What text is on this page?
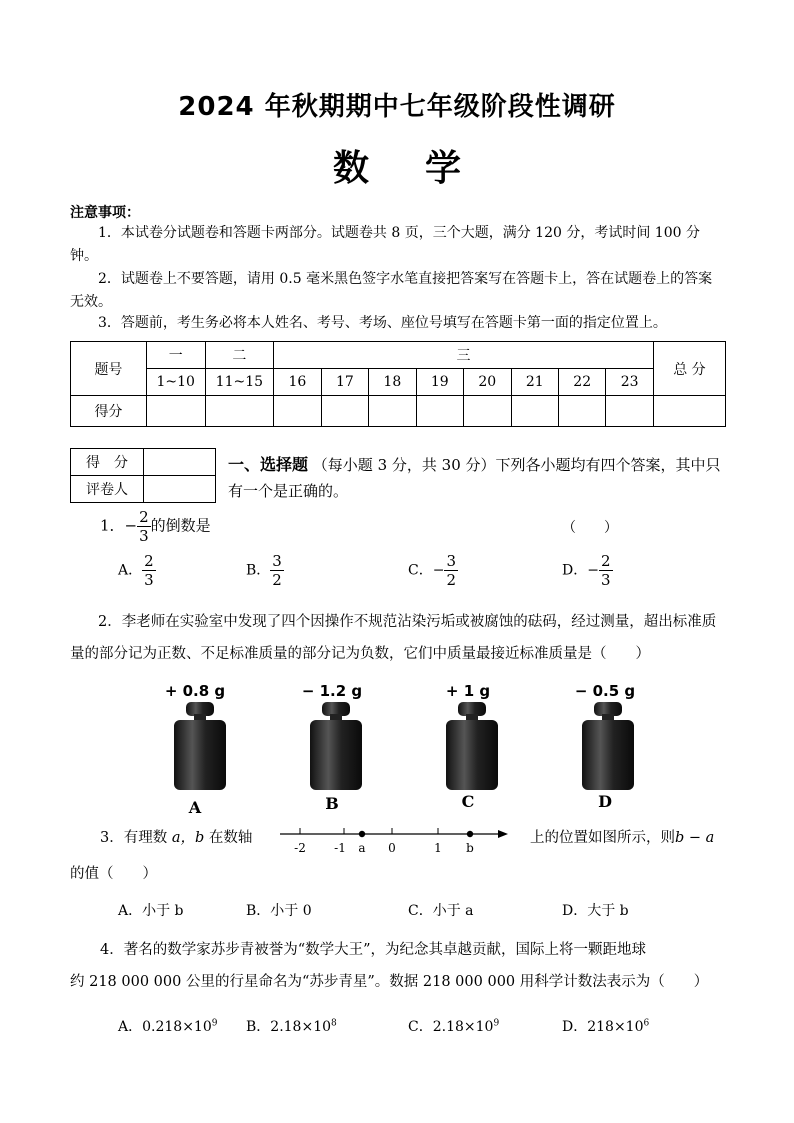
2024 年秋期期中七年级阶段性调研
数学
注意事项：
1．本试卷分试题卷和答题卡两部分。试题卷共 8 页，三个大题，满分 120 分，考试时间 100 分钟。
2．试题卷上不要答题，请用 0.5 毫米黑色签字水笔直接把答案写在答题卡上，答在试题卷上的答案无效。
3．答题前，考生务必将本人姓名、考号、考场、座位号填写在答题卡第一面的指定位置上。
题号	一	二	三								总 分
	1~10	11~15	16	17	18	19	20	21	22	23	
得分											
得　分	
评卷人	
一、选择题 （每小题 3 分，共 30 分）下列各小题均有四个答案，其中只有一个是正确的。
1．− $\frac{2}{3}$ 的倒数是	（　　）
A． $\frac{2}{3}$	B． $\frac{3}{2}$	C．− $\frac{3}{2}$	D．− $\frac{2}{3}$
2．李老师在实验室中发现了四个因操作不规范沾染污垢或被腐蚀的砝码，经过测量，超出标准质量的部分记为正数、不足标准质量的部分记为负数，它们中质量最接近标准质量是（　　）
+ 0.8 g	− 1.2 g	+ 1 g	− 0.5 g
A	B	C	D
3．有理数 a，b 在数轴
-2 -1 a 0	1 b
上的位置如图所示，则b − a
的值（　　）
A．小于 b	B．小于 0	C．小于 a	D．大于 b
4．著名的数学家苏步青被誉为“数学大王”，为纪念其卓越贡献，国际上将一颗距地球
约 218 000 000 公里的行星命名为“苏步青星”。数据 218 000 000 用科学计数法表示为（　　）
A．$0.218\times 10^9$ B．$2.18\times 10^8$	C．$2.18\times 10^9$	D．$218\times 10^6$
